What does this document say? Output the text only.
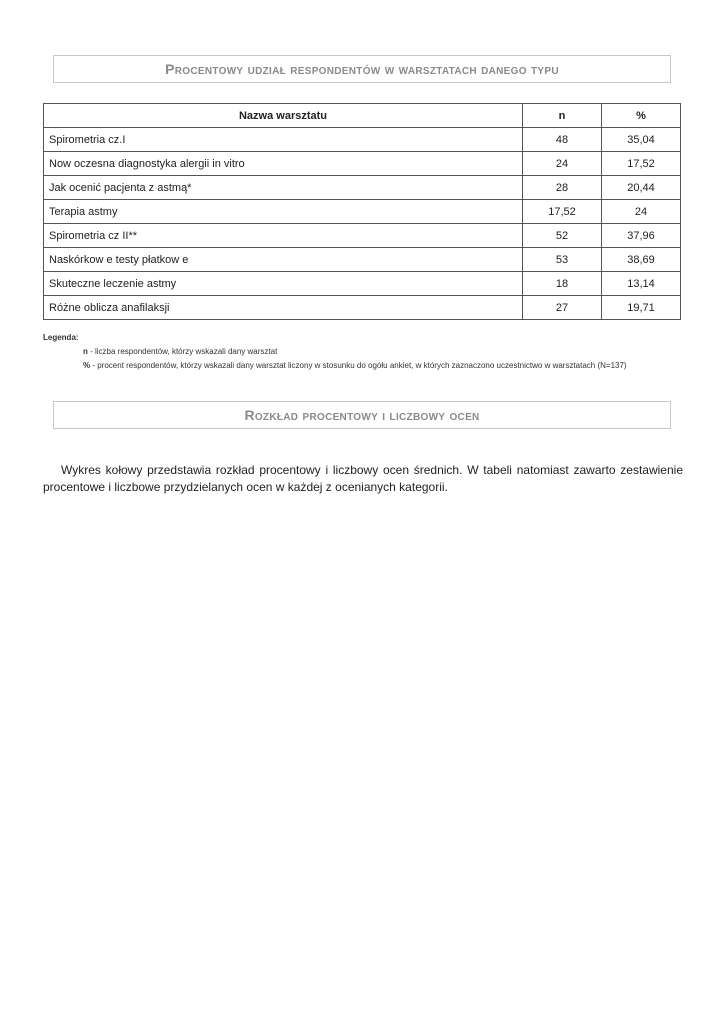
Procentowy udział respondentów w warsztatach danego typu
Nazwa warsztatu	n	%
Spirometria cz.I	48	35,04
Now oczesna diagnostyka alergii in vitro	24	17,52
Jak ocenić pacjenta z astmą*	28	20,44
Terapia astmy	17,52	24
Spirometria cz II**	52	37,96
Naskórkow e testy płatkow e	53	38,69
Skuteczne leczenie astmy	18	13,14
Różne oblicza anafilaksji	27	19,71
Legenda:
n - liczba respondentów, którzy wskazali dany warsztat
% - procent respondentów, którzy wskazali dany warsztat liczony w stosunku do ogółu ankiet, w których zaznaczono uczestnictwo w warsztatach (N=137)
Rozkład procentowy i liczbowy ocen

Wykres kołowy przedstawia rozkład procentowy i liczbowy ocen średnich. W tabeli natomiast zawarto zestawienie procentowe i liczbowe przydzielanych ocen w każdej z ocenianych kategorii.
